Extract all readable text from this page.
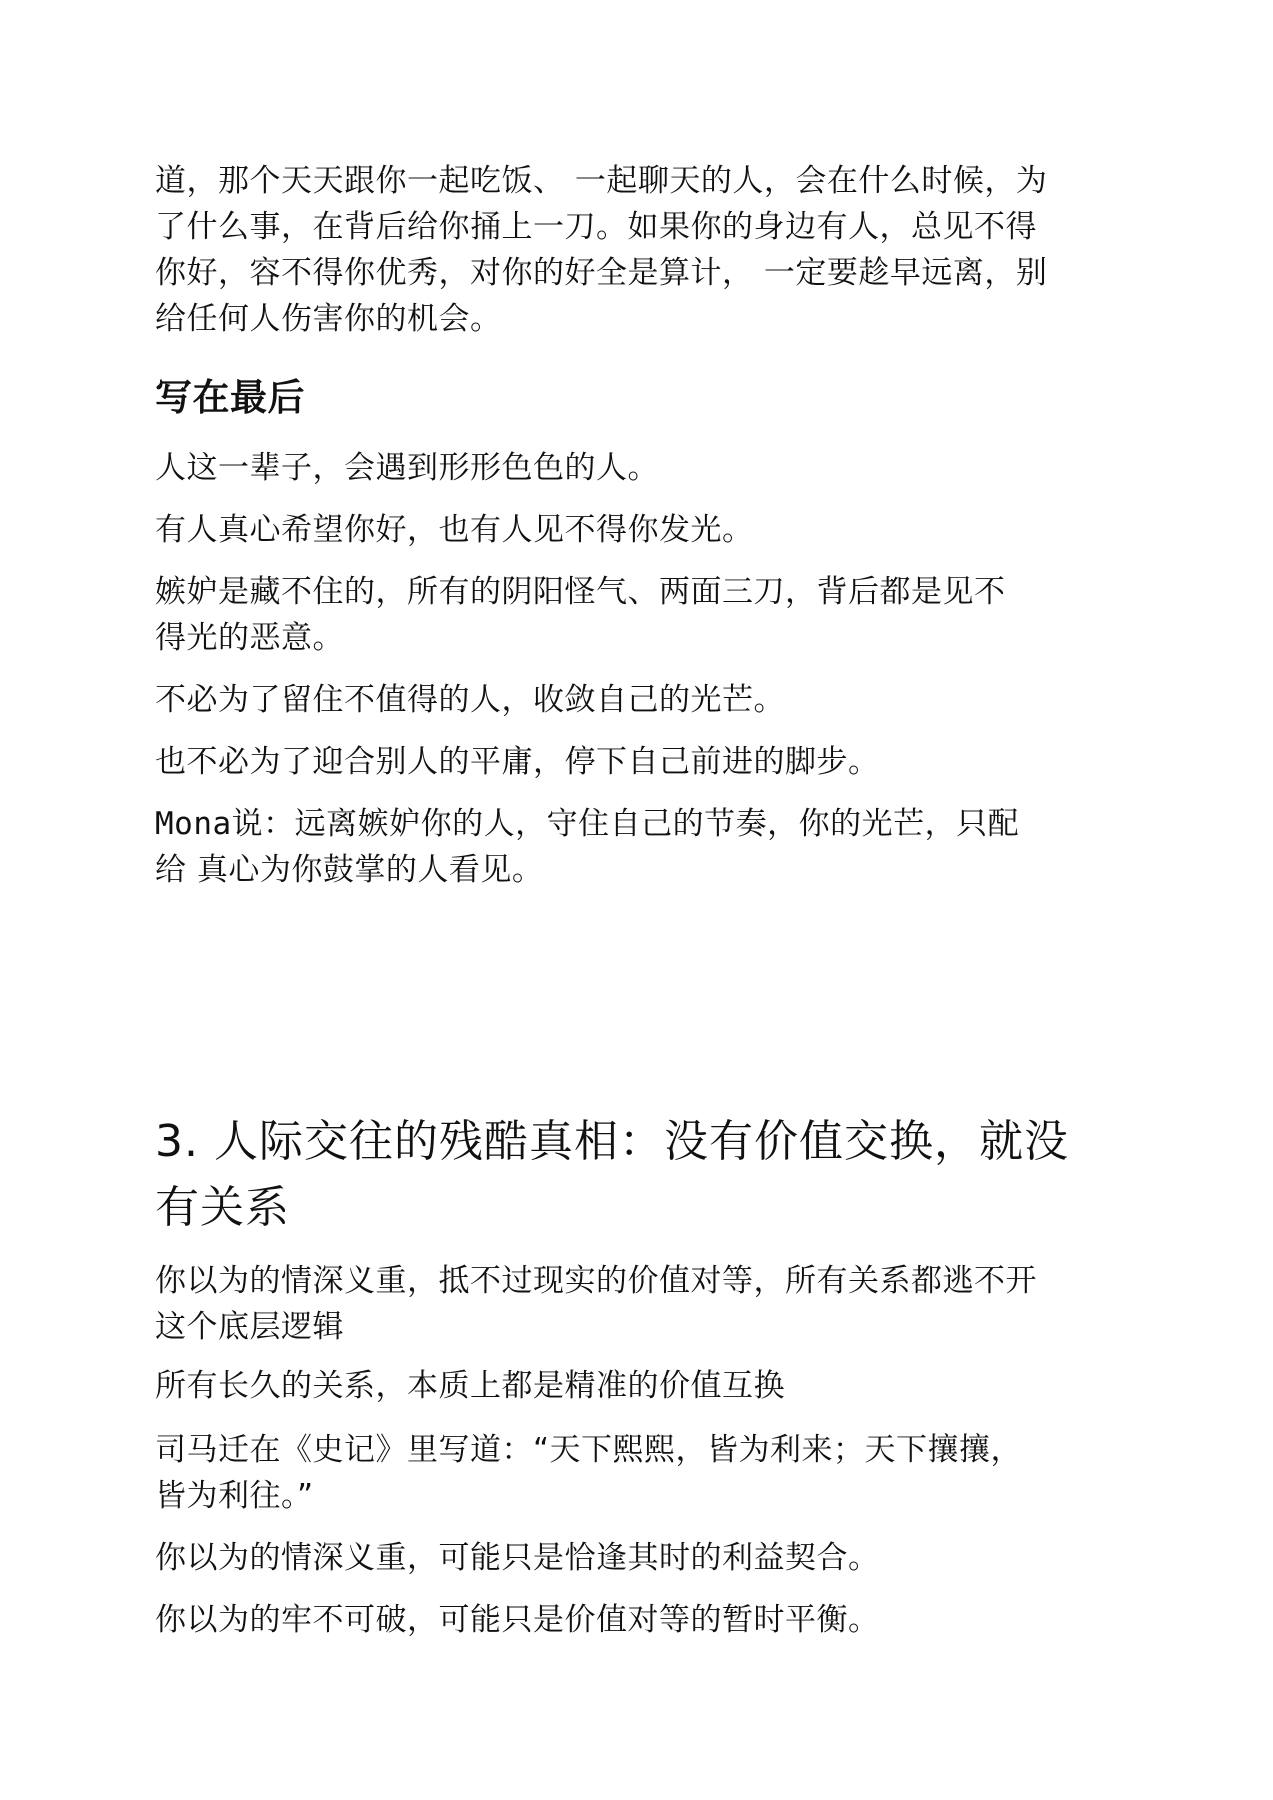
道，那个天天跟你一起吃饭、 一起聊天的人，会在什么时候，为

了什么事，在背后给你捅上一刀。如果你的身边有人，总见不得

你好，容不得你优秀，对你的好全是算计， 一定要趁早远离，别

给任何人伤害你的机会。

写在最后

人这一辈子，会遇到形形色色的人。

有人真心希望你好，也有人见不得你发光。

嫉妒是藏不住的，所有的阴阳怪气、两面三刀，背后都是见不

得光的恶意。

不必为了留住不值得的人，收敛自己的光芒。

也不必为了迎合别人的平庸，停下自己前进的脚步。

Mona说：远离嫉妒你的人，守住自己的节奏，你的光芒，只配

给 真心为你鼓掌的人看见。

3. 人际交往的残酷真相：没有价值交换，就没

有关系

你以为的情深义重，抵不过现实的价值对等，所有关系都逃不开

这个底层逻辑

所有长久的关系，本质上都是精准的价值互换

司马迁在《史记》里写道：“天下熙熙，皆为利来；天下攘攘，

皆为利往。”

你以为的情深义重，可能只是恰逢其时的利益契合。

你以为的牢不可破，可能只是价值对等的暂时平衡。
